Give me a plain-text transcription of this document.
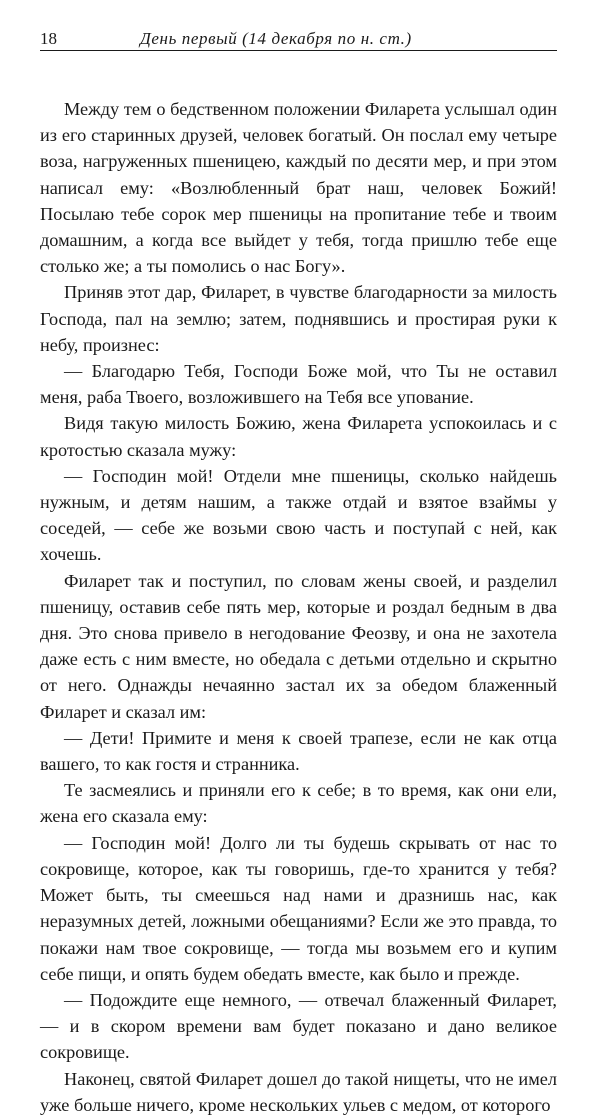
18	День первый (14 декабря по н. ст.)

Между тем о бедственном положении Филарета услышал один из его старинных друзей, человек богатый. Он послал ему четыре воза, нагруженных пшеницею, каждый по десяти мер, и при этом написал ему: «Возлюбленный брат наш, человек Божий! Посылаю тебе сорок мер пшеницы на пропитание тебе и твоим домашним, а когда все выйдет у тебя, тогда пришлю тебе еще столько же; а ты помолись о нас Богу».

Приняв этот дар, Филарет, в чувстве благодарности за милость Господа, пал на землю; затем, поднявшись и простирая руки к небу, произнес:

— Благодарю Тебя, Господи Боже мой, что Ты не оставил меня, раба Твоего, возложившего на Тебя все упование.

Видя такую милость Божию, жена Филарета успокоилась и с кротостью сказала мужу:

— Господин мой! Отдели мне пшеницы, сколько найдешь нужным, и детям нашим, а также отдай и взятое взаймы у соседей, — себе же возьми свою часть и поступай с ней, как хочешь.

Филарет так и поступил, по словам жены своей, и разделил пшеницу, оставив себе пять мер, которые и роздал бедным в два дня. Это снова привело в негодование Феозву, и она не захотела даже есть с ним вместе, но обедала с детьми отдельно и скрытно от него. Однажды нечаянно застал их за обедом блаженный Филарет и сказал им:

— Дети! Примите и меня к своей трапезе, если не как отца вашего, то как гостя и странника.

Те засмеялись и приняли его к себе; в то время, как они ели, жена его сказала ему:

— Господин мой! Долго ли ты будешь скрывать от нас то сокровище, которое, как ты говоришь, где-то хранится у тебя? Может быть, ты смеешься над нами и дразнишь нас, как неразумных детей, ложными обещаниями? Если же это правда, то покажи нам твое сокровище, — тогда мы возьмем его и купим себе пищи, и опять будем обедать вместе, как было и прежде.

— Подождите еще немного, — отвечал блаженный Филарет, — и в скором времени вам будет показано и дано великое сокровище.

Наконец, святой Филарет дошел до такой нищеты, что не имел уже больше ничего, кроме нескольких ульев с медом, от которого
